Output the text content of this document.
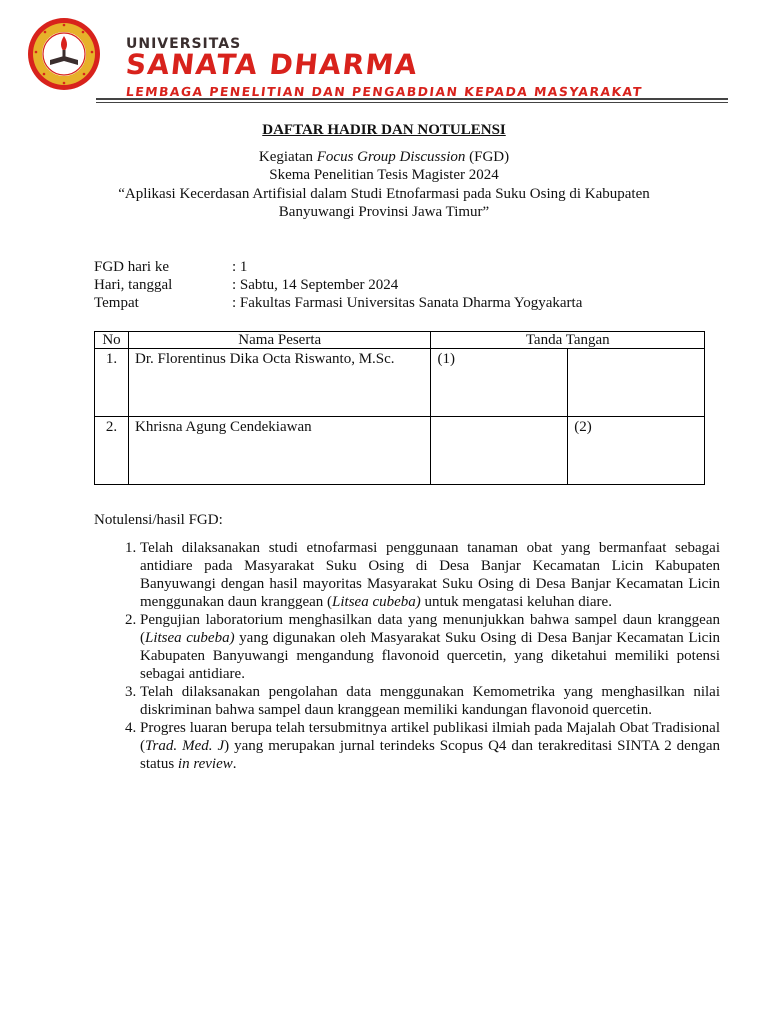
UNIVERSITAS
SANATA DHARMA
LEMBAGA PENELITIAN DAN PENGABDIAN KEPADA MASYARAKAT
DAFTAR HADIR DAN NOTULENSI
Kegiatan Focus Group Discussion (FGD)
Skema Penelitian Tesis Magister 2024
“Aplikasi Kecerdasan Artifisial dalam Studi Etnofarmasi pada Suku Osing di Kabupaten Banyuwangi Provinsi Jawa Timur”
FGD hari ke	: 1
Hari, tanggal	: Sabtu, 14 September 2024
Tempat	: Fakultas Farmasi Universitas Sanata Dharma Yogyakarta
No	Nama Peserta	Tanda Tangan	
1.	Dr. Florentinus Dika Octa Riswanto, M.Sc.	(1)	
2.	Khrisna Agung Cendekiawan		(2)
Notulensi/hasil FGD:
1. Telah dilaksanakan studi etnofarmasi penggunaan tanaman obat yang bermanfaat sebagai antidiare pada Masyarakat Suku Osing di Desa Banjar Kecamatan Licin Kabupaten Banyuwangi dengan hasil mayoritas Masyarakat Suku Osing di Desa Banjar Kecamatan Licin menggunakan daun kranggean (Litsea cubeba) untuk mengatasi keluhan diare.
2. Pengujian laboratorium menghasilkan data yang menunjukkan bahwa sampel daun kranggean (Litsea cubeba) yang digunakan oleh Masyarakat Suku Osing di Desa Banjar Kecamatan Licin Kabupaten Banyuwangi mengandung flavonoid quercetin, yang diketahui memiliki potensi sebagai antidiare.
3. Telah dilaksanakan pengolahan data menggunakan Kemometrika yang menghasilkan nilai diskriminan bahwa sampel daun kranggean memiliki kandungan flavonoid quercetin.
4. Progres luaran berupa telah tersubmitnya artikel publikasi ilmiah pada Majalah Obat Tradisional (Trad. Med. J) yang merupakan jurnal terindeks Scopus Q4 dan terakreditasi SINTA 2 dengan status in review.
